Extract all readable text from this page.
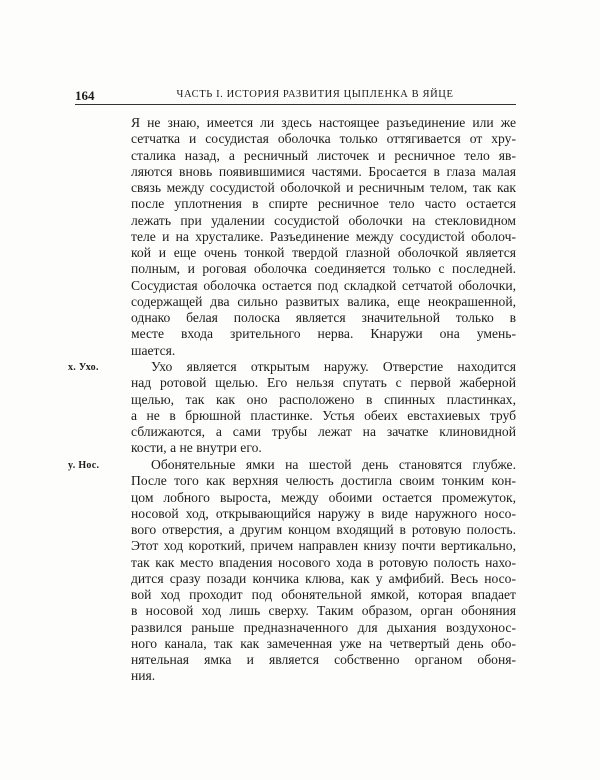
164	ЧАСТЬ I. ИСТОРИЯ РАЗВИТИЯ ЦЫПЛЕНКА В ЯЙЦЕ
x. Ухо.
y. Нос.
Я не знаю, имеется ли здесь настоящее разъединение или же
сетчатка и сосудистая оболочка только оттягивается от хру-
сталика назад, а ресничный листочек и ресничное тело яв-
ляются вновь появившимися частями. Бросается в глаза малая
связь между сосудистой оболочкой и ресничным телом, так как
после уплотнения в спирте ресничное тело часто остается
лежать при удалении сосудистой оболочки на стекловидном
теле и на хрусталике. Разъединение между сосудистой оболоч-
кой и еще очень тонкой твердой глазной оболочкой является
полным, и роговая оболочка соединяется только с последней.
Сосудистая оболочка остается под складкой сетчатой оболочки,
содержащей два сильно развитых валика, еще неокрашенной,
однако белая полоска является значительной только в
месте входа зрительного нерва. Кнаружи она умень-
шается.
Ухо является открытым наружу. Отверстие находится
над ротовой щелью. Его нельзя спутать с первой жаберной
щелью, так как оно расположено в спинных пластинках,
а не в брюшной пластинке. Устья обеих евстахиевых труб
сближаются, а сами трубы лежат на зачатке клиновидной
кости, а не внутри его.
Обонятельные ямки на шестой день становятся глубже.
После того как верхняя челюсть достигла своим тонким кон-
цом лобного выроста, между обоими остается промежуток,
носовой ход, открывающийся наружу в виде наружного носо-
вого отверстия, а другим концом входящий в ротовую полость.
Этот ход короткий, причем направлен книзу почти вертикально,
так как место впадения носового хода в ротовую полость нахо-
дится сразу позади кончика клюва, как у амфибий. Весь носо-
вой ход проходит под обонятельной ямкой, которая впадает
в носовой ход лишь сверху. Таким образом, орган обоняния
развился раньше предназначенного для дыхания воздухонос-
ного канала, так как замеченная уже на четвертый день обо-
нятельная ямка и является собственно органом обоня-
ния.
